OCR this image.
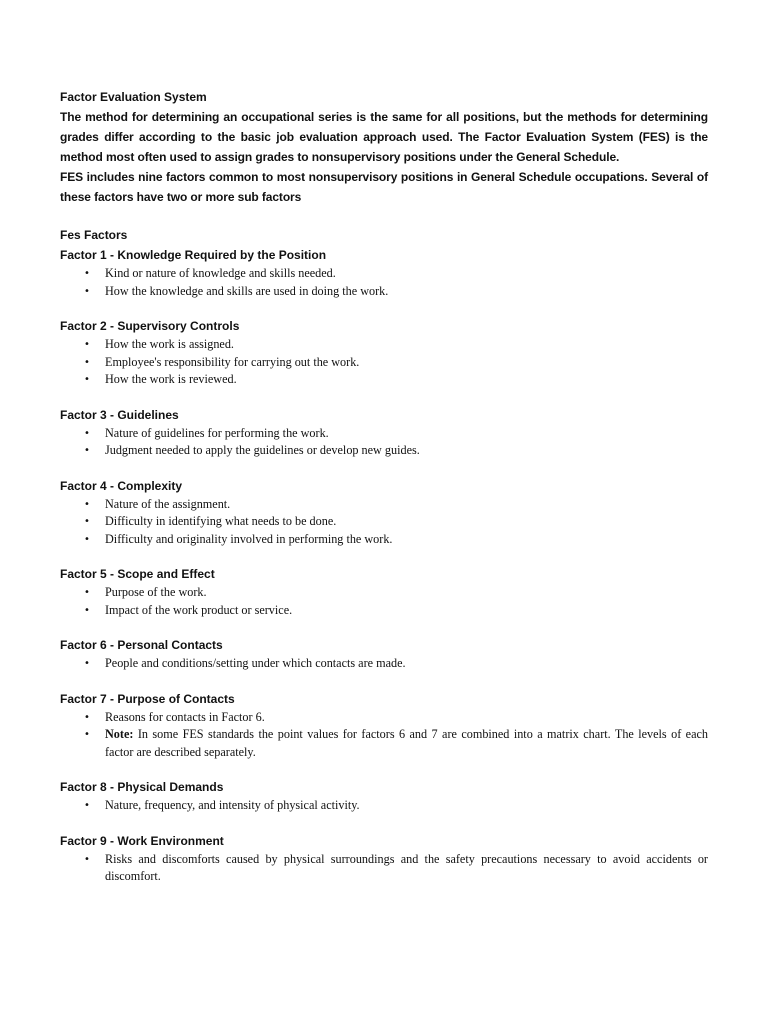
Factor Evaluation System

The method for determining an occupational series is the same for all positions, but the methods for determining grades differ according to the basic job evaluation approach used. The Factor Evaluation System (FES) is the method most often used to assign grades to nonsupervisory positions under the General Schedule.

FES includes nine factors common to most nonsupervisory positions in General Schedule occupations. Several of these factors have two or more sub factors

Fes Factors
Factor 1 - Knowledge Required by the Position
• Kind or nature of knowledge and skills needed.
• How the knowledge and skills are used in doing the work.
Factor 2 - Supervisory Controls
• How the work is assigned.
• Employee's responsibility for carrying out the work.
• How the work is reviewed.
Factor 3 - Guidelines
• Nature of guidelines for performing the work.
• Judgment needed to apply the guidelines or develop new guides.
Factor 4 - Complexity
• Nature of the assignment.
• Difficulty in identifying what needs to be done.
• Difficulty and originality involved in performing the work.
Factor 5 - Scope and Effect
• Purpose of the work.
• Impact of the work product or service.
Factor 6 - Personal Contacts
• People and conditions/setting under which contacts are made.
Factor 7 - Purpose of Contacts
• Reasons for contacts in Factor 6.
• Note: In some FES standards the point values for factors 6 and 7 are combined into a matrix chart. The levels of each factor are described separately.
Factor 8 - Physical Demands
• Nature, frequency, and intensity of physical activity.
Factor 9 - Work Environment
• Risks and discomforts caused by physical surroundings and the safety precautions necessary to avoid accidents or discomfort.
